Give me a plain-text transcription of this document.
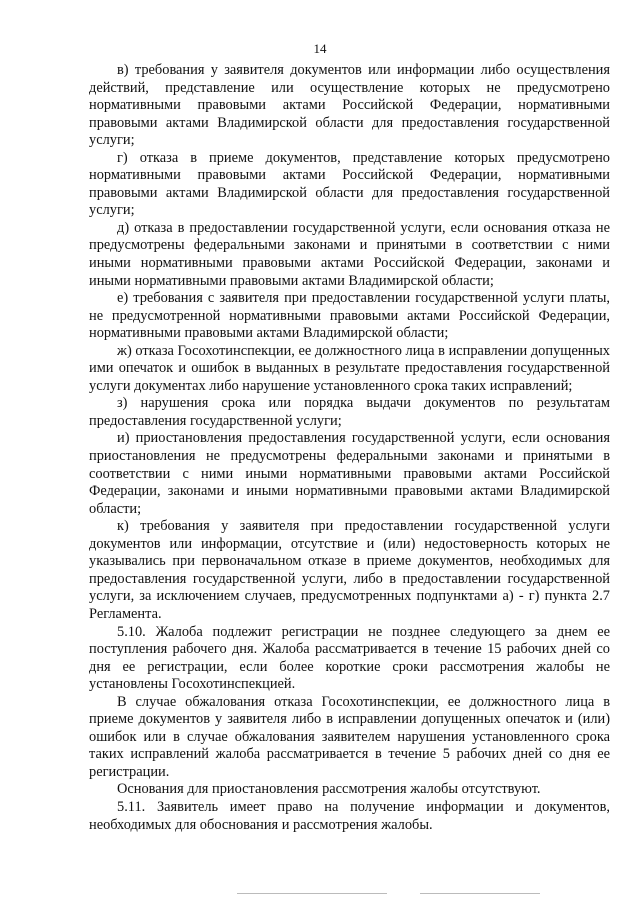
14

в) требования у заявителя документов или информации либо осуществления действий, представление или осуществление которых не предусмотрено нормативными правовыми актами Российской Федерации, нормативными правовыми актами Владимирской области для предоставления государственной услуги;

г) отказа в приеме документов, представление которых предусмотрено нормативными правовыми актами Российской Федерации, нормативными правовыми актами Владимирской области для предоставления государственной услуги;

д) отказа в предоставлении государственной услуги, если основания отказа не предусмотрены федеральными законами и принятыми в соответствии с ними иными нормативными правовыми актами Российской Федерации, законами и иными нормативными правовыми актами Владимирской области;

е) требования с заявителя при предоставлении государственной услуги платы, не предусмотренной нормативными правовыми актами Российской Федерации, нормативными правовыми актами Владимирской области;

ж) отказа Госохотинспекции, ее должностного лица в исправлении допущенных ими опечаток и ошибок в выданных в результате предоставления государственной услуги документах либо нарушение установленного срока таких исправлений;

з) нарушения срока или порядка выдачи документов по результатам предоставления государственной услуги;

и) приостановления предоставления государственной услуги, если основания приостановления не предусмотрены федеральными законами и принятыми в соответствии с ними иными нормативными правовыми актами Российской Федерации, законами и иными нормативными правовыми актами Владимирской области;

к) требования у заявителя при предоставлении государственной услуги документов или информации, отсутствие и (или) недостоверность которых не указывались при первоначальном отказе в приеме документов, необходимых для предоставления государственной услуги, либо в предоставлении государственной услуги, за исключением случаев, предусмотренных подпунктами а) - г) пункта 2.7 Регламента.

5.10. Жалоба подлежит регистрации не позднее следующего за днем ее поступления рабочего дня. Жалоба рассматривается в течение 15 рабочих дней со дня ее регистрации, если более короткие сроки рассмотрения жалобы не установлены Госохотинспекцией.

В случае обжалования отказа Госохотинспекции, ее должностного лица в приеме документов у заявителя либо в исправлении допущенных опечаток и (или) ошибок или в случае обжалования заявителем нарушения установленного срока таких исправлений жалоба рассматривается в течение 5 рабочих дней со дня ее регистрации.

Основания для приостановления рассмотрения жалобы отсутствуют.

5.11. Заявитель имеет право на получение информации и документов, необходимых для обоснования и рассмотрения жалобы.
